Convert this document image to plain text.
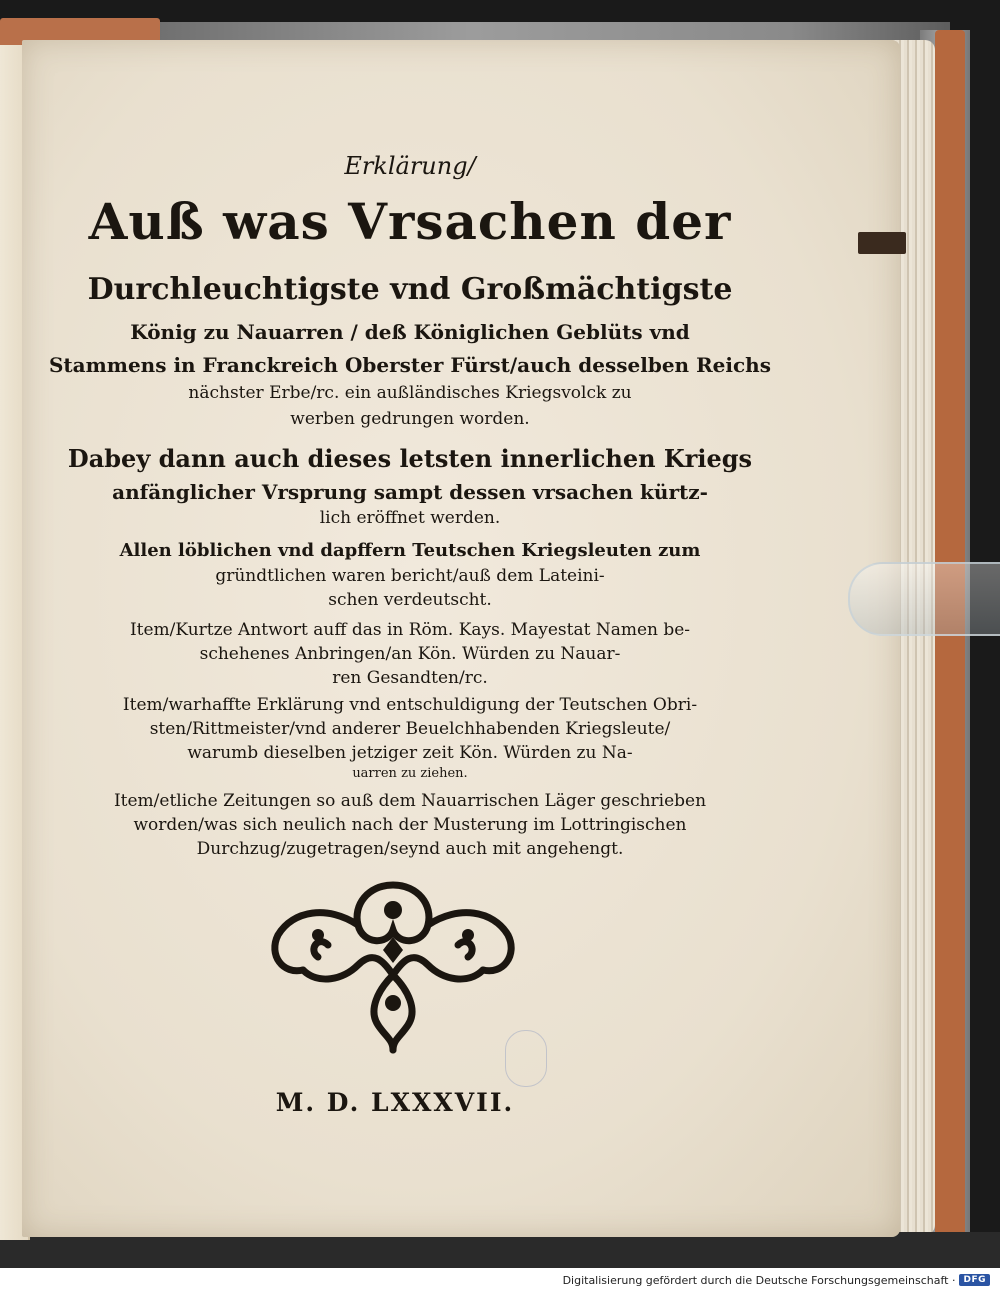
Erklärung/
Auß was Vrsachen der
Durchleuchtigste vnd Großmächtigste
König zu Nauarren / deß Königlichen Geblüts vnd
Stammens in Franckreich Oberster Fürst/auch desselben Reichs
nächster Erbe/rc. ein außländisches Kriegsvolck zu
werben gedrungen worden.
Dabey dann auch dieses letsten innerlichen Kriegs
anfänglicher Vrsprung sampt dessen vrsachen kürtz-
lich eröffnet werden.
Allen löblichen vnd dapffern Teutschen Kriegsleuten zum
gründtlichen waren bericht/auß dem Lateini-
schen verdeutscht.
Item/Kurtze Antwort auff das in Röm. Kays. Mayestat Namen be-
schehenes Anbringen/an Kön. Würden zu Nauar-
ren Gesandten/rc.
Item/warhaffte Erklärung vnd entschuldigung der Teutschen Obri-
sten/Rittmeister/vnd anderer Beuelchhabenden Kriegsleute/
warumb dieselben jetziger zeit Kön. Würden zu Na-
uarren zu ziehen.
Item/etliche Zeitungen so auß dem Nauarrischen Läger geschrieben
worden/was sich neulich nach der Musterung im Lottringischen
Durchzug/zugetragen/seynd auch mit angehengt.
M. D. LXXXVII.
Digitalisierung gefördert durch die Deutsche Forschungsgemeinschaft · DFG
